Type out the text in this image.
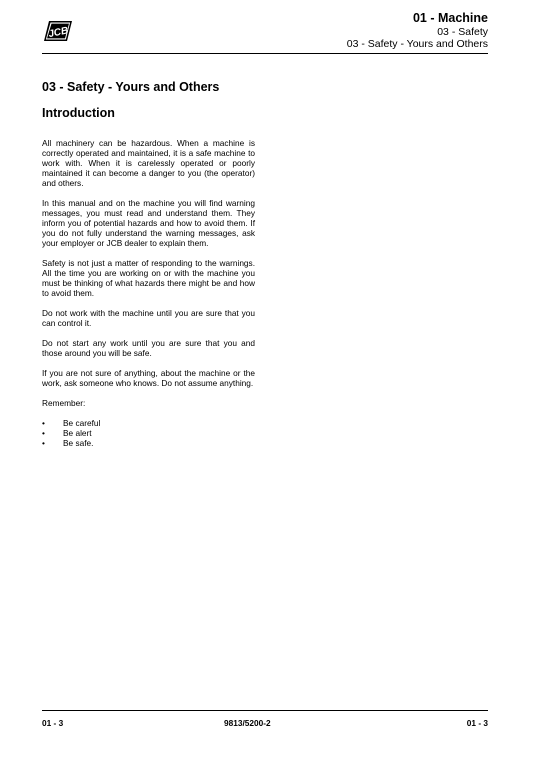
JCB
01 - Machine
03 - Safety
03 - Safety - Yours and Others
03 - Safety - Yours and Others
Introduction

All machinery can be hazardous. When a machine is correctly operated and maintained, it is a safe machine to work with. When it is carelessly operated or poorly maintained it can become a danger to you (the operator) and others.

In this manual and on the machine you will find warning messages, you must read and understand them. They inform you of potential hazards and how to avoid them. If you do not fully understand the warning messages, ask your employer or JCB dealer to explain them.

Safety is not just a matter of responding to the warnings. All the time you are working on or with the machine you must be thinking of what hazards there might be and how to avoid them.

Do not work with the machine until you are sure that you can control it.

Do not start any work until you are sure that you and those around you will be safe.

If you are not sure of anything, about the machine or the work, ask someone who knows. Do not assume anything.

Remember:

• Be careful
• Be alert
• Be safe.
01 - 3	9813/5200-2	01 - 3
